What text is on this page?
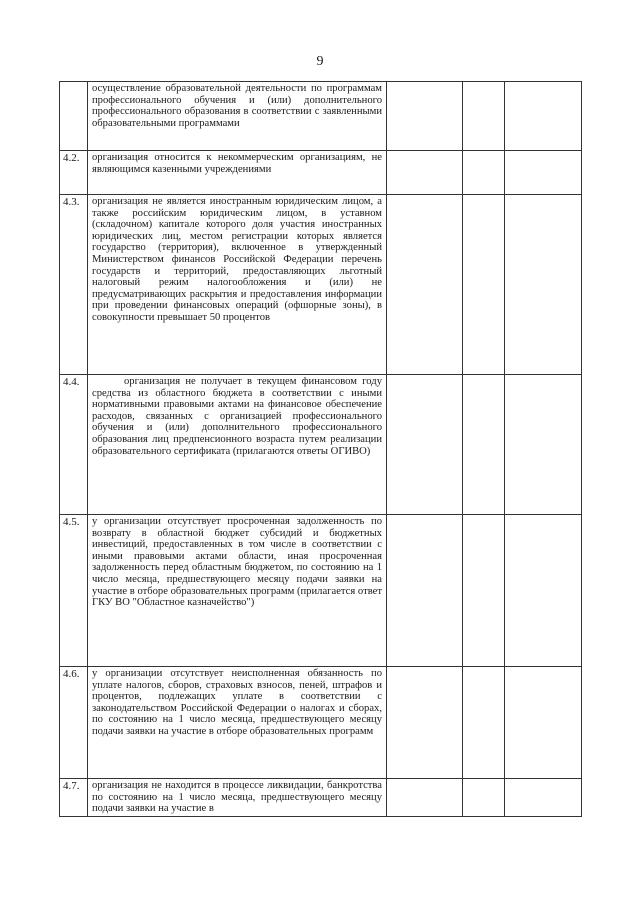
9
	осуществление образовательной деятельности по программам профессионального обучения и (или) дополнительного профессионального образования в соответствии с заявленными образовательными программами			
4.2.	организация относится к некоммерческим организациям, не являющимся казенными учреждениями			
4.3.	организация не является иностранным юридическим лицом, а также российским юридическим лицом, в уставном (складочном) капитале которого доля участия иностранных юридических лиц, местом регистрации которых является государство (территория), включенное в утвержденный Министерством финансов Российской Федерации перечень государств и территорий, предоставляющих льготный налоговый режим налогообложения и (или) не предусматривающих раскрытия и предоставления информации при проведении финансовых операций (офшорные зоны), в совокупности превышает 50 процентов			
4.4.	организация не получает в текущем финансовом году средства из областного бюджета в соответствии с иными нормативными правовыми актами на финансовое обеспечение расходов, связанных с организацией профессионального обучения и (или) дополнительного профессионального образования лиц предпенсионного возраста путем реализации образовательного сертификата (прилагаются ответы ОГИВО)			
4.5.	у организации отсутствует просроченная задолженность по возврату в областной бюджет субсидий и бюджетных инвестиций, предоставленных в том числе в соответствии с иными правовыми актами области, иная просроченная задолженность перед областным бюджетом, по состоянию на 1 число месяца, предшествующего месяцу подачи заявки на участие в отборе образовательных программ (прилагается ответ ГКУ ВО "Областное казначейство")			
4.6.	у организации отсутствует неисполненная обязанность по уплате налогов, сборов, страховых взносов, пеней, штрафов и процентов, подлежащих уплате в соответствии с законодательством Российской Федерации о налогах и сборах, по состоянию на 1 число месяца, предшествующего месяцу подачи заявки на участие в отборе образовательных программ			
4.7.	организация не находится в процессе ликвидации, банкротства по состоянию на 1 число месяца, предшествующего месяцу подачи заявки на участие в			
